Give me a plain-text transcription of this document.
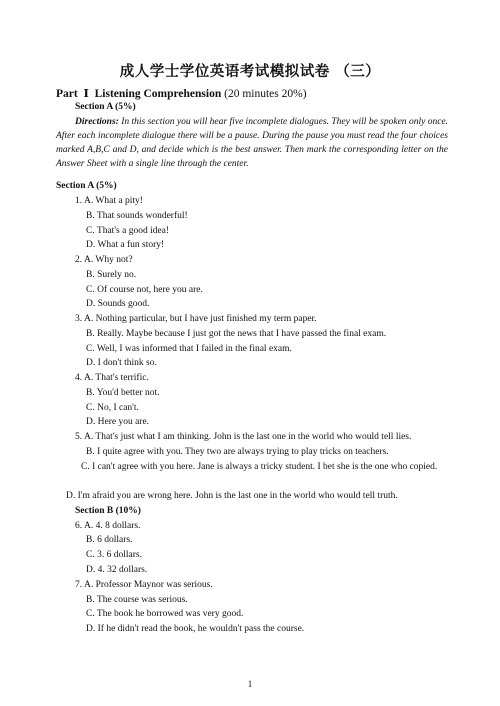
成人学士学位英语考试模拟试卷 （三）
Part Ⅰ Listening Comprehension (20 minutes 20%)
Section A (5%)
Directions: In this section you will hear five incomplete dialogues. They will be spoken only once. After each incomplete dialogue there will be a pause. During the pause you must read the four choices marked A,B,C and D, and decide which is the best answer. Then mark the corresponding letter on the Answer Sheet with a single line through the center.
Section A (5%)
1. A. What a pity!
B. That sounds wonderful!
C. That's a good idea!
D. What a fun story!
2. A. Why not?
B. Surely no.
C. Of course not, here you are.
D. Sounds good.
3. A. Nothing particular, but I have just finished my term paper.
B. Really. Maybe because I just got the news that I have passed the final exam.
C. Well, I was informed that I failed in the final exam.
D. I don't think so.
4. A. That's terrific.
B. You'd better not.
C. No, I can't.
D. Here you are.
5. A. That's just what I am thinking. John is the last one in the world who would tell lies.
B. I quite agree with you. They two are always trying to play tricks on teachers.
C. I can't agree with you here. Jane is always a tricky student. I bet she is the one who copied.
D. I'm afraid you are wrong here. John is the last one in the world who would tell truth.
Section B (10%)
6. A. 4. 8 dollars.
B. 6 dollars.
C. 3. 6 dollars.
D. 4. 32 dollars.
7. A. Professor Maynor was serious.
B. The course was serious.
C. The book he borrowed was very good.
D. If he didn't read the book, he wouldn't pass the course.
1
